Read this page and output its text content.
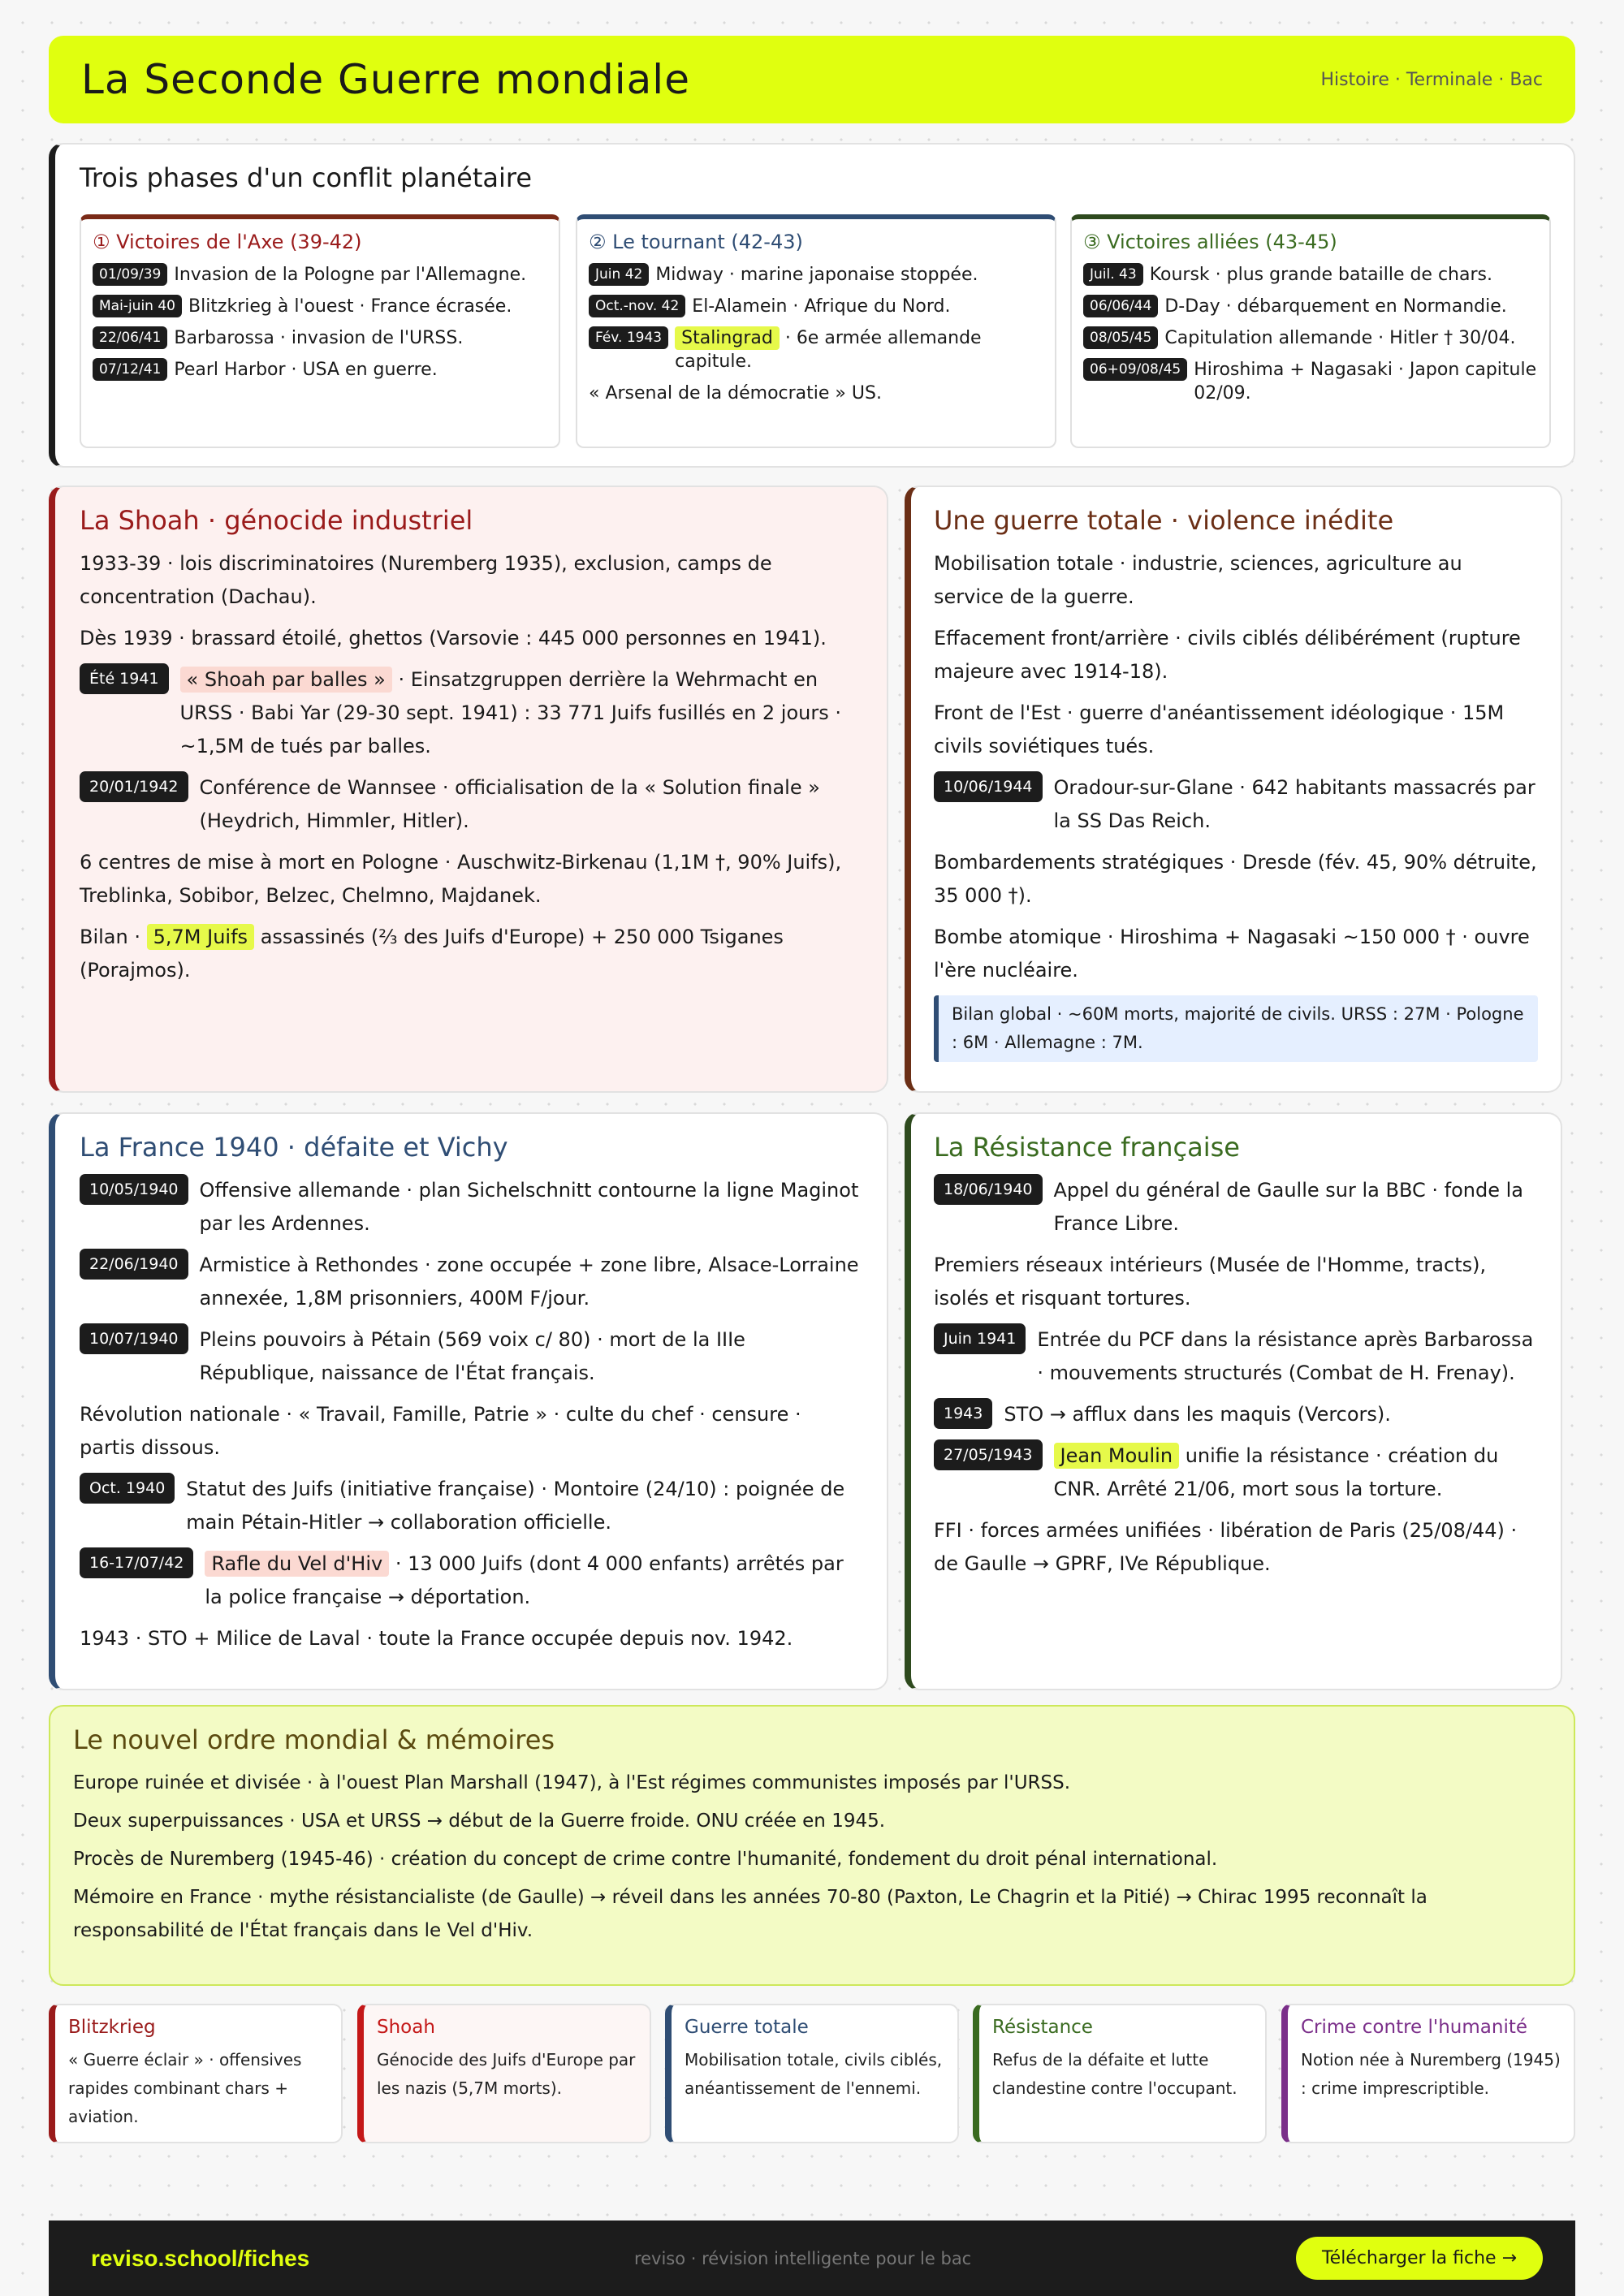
La Seconde Guerre mondiale	Histoire · Terminale · Bac
Trois phases d'un conflit planétaire
① Victoires de l'Axe (39-42)
01/09/39 Invasion de la Pologne par l'Allemagne.
Mai-juin 40 Blitzkrieg à l'ouest · France écrasée.
22/06/41 Barbarossa · invasion de l'URSS.
07/12/41 Pearl Harbor · USA en guerre.
② Le tournant (42-43)
Juin 42 Midway · marine japonaise stoppée.
Oct.-nov. 42 El-Alamein · Afrique du Nord.
Fév. 1943	Stalingrad · 6e armée allemande capitule.
« Arsenal de la démocratie » US.
③ Victoires alliées (43-45)
Juil. 43 Koursk · plus grande bataille de chars.
06/06/44 D-Day · débarquement en Normandie.
08/05/45 Capitulation allemande · Hitler † 30/04.
06+09/08/45 Hiroshima + Nagasaki · Japon capitule 02/09.
La Shoah · génocide industriel

1933-39 · lois discriminatoires (Nuremberg 1935), exclusion, camps de concentration (Dachau).

Dès 1939 · brassard étoilé, ghettos (Varsovie : 445 000 personnes en 1941).

Été 1941	« Shoah par balles » · Einsatzgruppen derrière la Wehrmacht en URSS · Babi Yar (29-30 sept. 1941) : 33 771 Juifs fusillés en 2 jours · ~1,5M de tués par balles.
20/01/1942	Conférence de Wannsee · officialisation de la « Solution finale » (Heydrich, Himmler, Hitler).

6 centres de mise à mort en Pologne · Auschwitz-Birkenau (1,1M †, 90% Juifs), Treblinka, Sobibor, Belzec, Chelmno, Majdanek.

Bilan · 5,7M Juifs assassinés (⅔ des Juifs d'Europe) + 250 000 Tsiganes (Porajmos).

Une guerre totale · violence inédite

Mobilisation totale · industrie, sciences, agriculture au service de la guerre.

Effacement front/arrière · civils ciblés délibérément (rupture majeure avec 1914-18).

Front de l'Est · guerre d'anéantissement idéologique · 15M civils soviétiques tués.

10/06/1944	Oradour-sur-Glane · 642 habitants massacrés par la SS Das Reich.

Bombardements stratégiques · Dresde (fév. 45, 90% détruite, 35 000 †).

Bombe atomique · Hiroshima + Nagasaki ~150 000 † · ouvre l'ère nucléaire.

Bilan global · ~60M morts, majorité de civils. URSS : 27M · Pologne : 6M · Allemagne : 7M.
La France 1940 · défaite et Vichy
10/05/1940	Offensive allemande · plan Sichelschnitt contourne la ligne Maginot par les Ardennes.
22/06/1940	Armistice à Rethondes · zone occupée + zone libre, Alsace-Lorraine annexée, 1,8M prisonniers, 400M F/jour.
10/07/1940	Pleins pouvoirs à Pétain (569 voix c/ 80) · mort de la IIIe République, naissance de l'État français.

Révolution nationale · « Travail, Famille, Patrie » · culte du chef · censure · partis dissous.

Oct. 1940	Statut des Juifs (initiative française) · Montoire (24/10) : poignée de main Pétain-Hitler → collaboration officielle.
16-17/07/42	Rafle du Vel d'Hiv · 13 000 Juifs (dont 4 000 enfants) arrêtés par la police française → déportation.

1943 · STO + Milice de Laval · toute la France occupée depuis nov. 1942.

La Résistance française
18/06/1940	Appel du général de Gaulle sur la BBC · fonde la France Libre.

Premiers réseaux intérieurs (Musée de l'Homme, tracts), isolés et risquant tortures.

Juin 1941	Entrée du PCF dans la résistance après Barbarossa · mouvements structurés (Combat de H. Frenay).
1943	STO → afflux dans les maquis (Vercors).
27/05/1943	Jean Moulin unifie la résistance · création du CNR. Arrêté 21/06, mort sous la torture.

FFI · forces armées unifiées · libération de Paris (25/08/44) · de Gaulle → GPRF, IVe République.

Le nouvel ordre mondial & mémoires

Europe ruinée et divisée · à l'ouest Plan Marshall (1947), à l'Est régimes communistes imposés par l'URSS.

Deux superpuissances · USA et URSS → début de la Guerre froide. ONU créée en 1945.

Procès de Nuremberg (1945-46) · création du concept de crime contre l'humanité, fondement du droit pénal international.

Mémoire en France · mythe résistancialiste (de Gaulle) → réveil dans les années 70-80 (Paxton, Le Chagrin et la Pitié) → Chirac 1995 reconnaît la responsabilité de l'État français dans le Vel d'Hiv.

Blitzkrieg
« Guerre éclair » · offensives rapides combinant chars + aviation.
Shoah
Génocide des Juifs d'Europe par les nazis (5,7M morts).
Guerre totale
Mobilisation totale, civils ciblés, anéantissement de l'ennemi.
Résistance
Refus de la défaite et lutte clandestine contre l'occupant.
Crime contre l'humanité
Notion née à Nuremberg (1945) : crime imprescriptible.
reviso.school/fiches	reviso · révision intelligente pour le bac	Télécharger la fiche →
